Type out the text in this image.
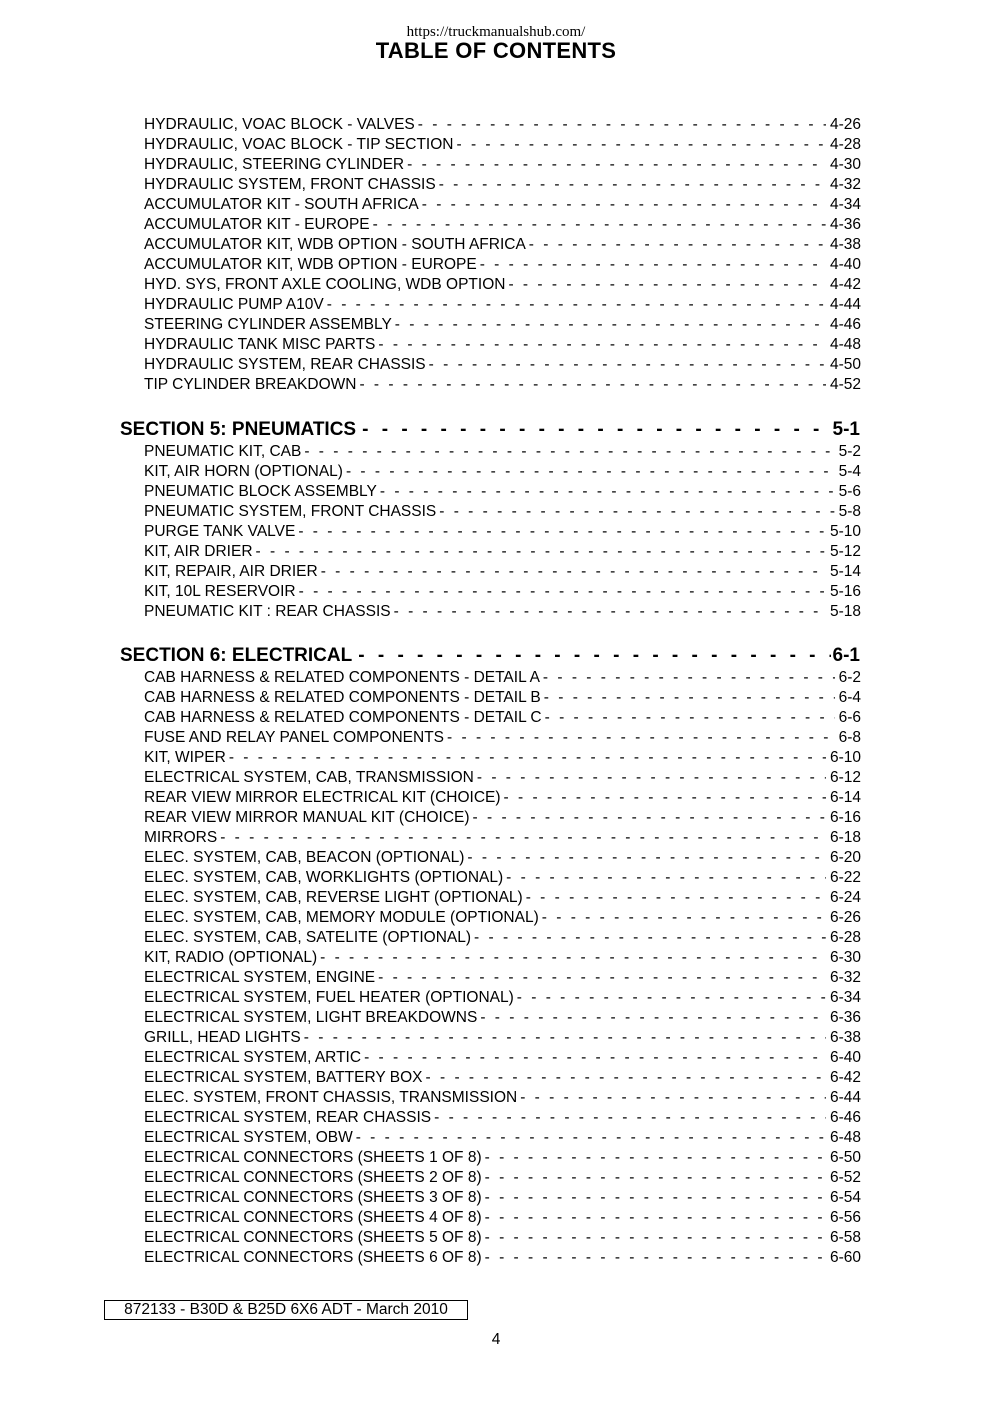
https://truckmanualshub.com/
TABLE OF CONTENTS
HYDRAULIC, VOAC BLOCK - VALVES - - -	4-26
HYDRAULIC, VOAC BLOCK - TIP SECTION - - -	4-28
HYDRAULIC, STEERING CYLINDER - - -	4-30
HYDRAULIC SYSTEM, FRONT CHASSIS - - -	4-32
ACCUMULATOR KIT - SOUTH AFRICA - - -	4-34
ACCUMULATOR KIT - EUROPE - - -	4-36
ACCUMULATOR KIT, WDB OPTION - SOUTH AFRICA - - -	4-38
ACCUMULATOR KIT, WDB OPTION - EUROPE - - -	4-40
HYD. SYS, FRONT AXLE COOLING, WDB OPTION - - -	4-42
HYDRAULIC PUMP A10V - - -	4-44
STEERING CYLINDER ASSEMBLY - - -	4-46
HYDRAULIC TANK MISC PARTS - - -	4-48
HYDRAULIC SYSTEM, REAR CHASSIS - - -	4-50
TIP CYLINDER BREAKDOWN - - -	4-52
SECTION 5: PNEUMATICS - - -	5-1
PNEUMATIC KIT, CAB - - -	5-2
KIT, AIR HORN (OPTIONAL) - - -	5-4
PNEUMATIC BLOCK ASSEMBLY - - -	5-6
PNEUMATIC SYSTEM, FRONT CHASSIS - - -	5-8
PURGE TANK VALVE - - -	5-10
KIT, AIR DRIER - - -	5-12
KIT, REPAIR, AIR DRIER - - -	5-14
KIT, 10L RESERVOIR - - -	5-16
PNEUMATIC KIT : REAR CHASSIS - - -	5-18
SECTION 6: ELECTRICAL - - -	6-1
CAB HARNESS & RELATED COMPONENTS - DETAIL A - - -	6-2
CAB HARNESS & RELATED COMPONENTS - DETAIL B - - -	6-4
CAB HARNESS & RELATED COMPONENTS - DETAIL C - - -	6-6
FUSE AND RELAY PANEL COMPONENTS - - -	6-8
KIT, WIPER - - -	6-10
ELECTRICAL SYSTEM, CAB, TRANSMISSION - - -	6-12
REAR VIEW MIRROR ELECTRICAL KIT (CHOICE) - - -	6-14
REAR VIEW MIRROR MANUAL KIT (CHOICE) - - -	6-16
MIRRORS - - -	6-18
ELEC. SYSTEM, CAB, BEACON (OPTIONAL) - - -	6-20
ELEC. SYSTEM, CAB, WORKLIGHTS (OPTIONAL) - - -	6-22
ELEC. SYSTEM, CAB, REVERSE LIGHT (OPTIONAL) - - -	6-24
ELEC. SYSTEM, CAB, MEMORY MODULE (OPTIONAL) - - -	6-26
ELEC. SYSTEM, CAB, SATELITE (OPTIONAL) - - -	6-28
KIT, RADIO (OPTIONAL) - - -	6-30
ELECTRICAL SYSTEM, ENGINE - - -	6-32
ELECTRICAL SYSTEM, FUEL HEATER (OPTIONAL) - - -	6-34
ELECTRICAL SYSTEM, LIGHT BREAKDOWNS - - -	6-36
GRILL, HEAD LIGHTS - - -	6-38
ELECTRICAL SYSTEM, ARTIC - - -	6-40
ELECTRICAL SYSTEM, BATTERY BOX - - -	6-42
ELEC. SYSTEM, FRONT CHASSIS, TRANSMISSION - - -	6-44
ELECTRICAL SYSTEM, REAR CHASSIS - - -	6-46
ELECTRICAL SYSTEM, OBW - - -	6-48
ELECTRICAL CONNECTORS (SHEETS 1 OF 8) - - -	6-50
ELECTRICAL CONNECTORS (SHEETS 2 OF 8) - - -	6-52
ELECTRICAL CONNECTORS (SHEETS 3 OF 8) - - -	6-54
ELECTRICAL CONNECTORS (SHEETS 4 OF 8) - - -	6-56
ELECTRICAL CONNECTORS (SHEETS 5 OF 8) - - -	6-58
ELECTRICAL CONNECTORS (SHEETS 6 OF 8) - - -	6-60
872133 - B30D & B25D 6X6 ADT - March 2010
4
